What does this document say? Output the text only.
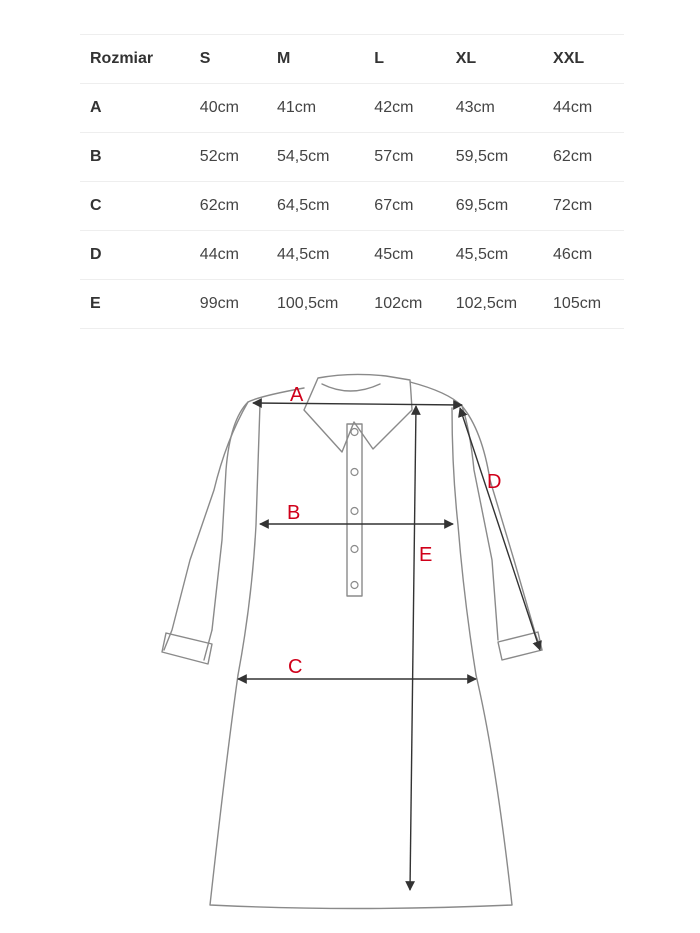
Rozmiar	S	M	L	XL	XXL
A	40cm	41cm	42cm	43cm	44cm
B	52cm	54,5cm	57cm	59,5cm	62cm
C	62cm	64,5cm	67cm	69,5cm	72cm
D	44cm	44,5cm	45cm	45,5cm	46cm
E	99cm	100,5cm	102cm	102,5cm	105cm
A
B
C
D
E
